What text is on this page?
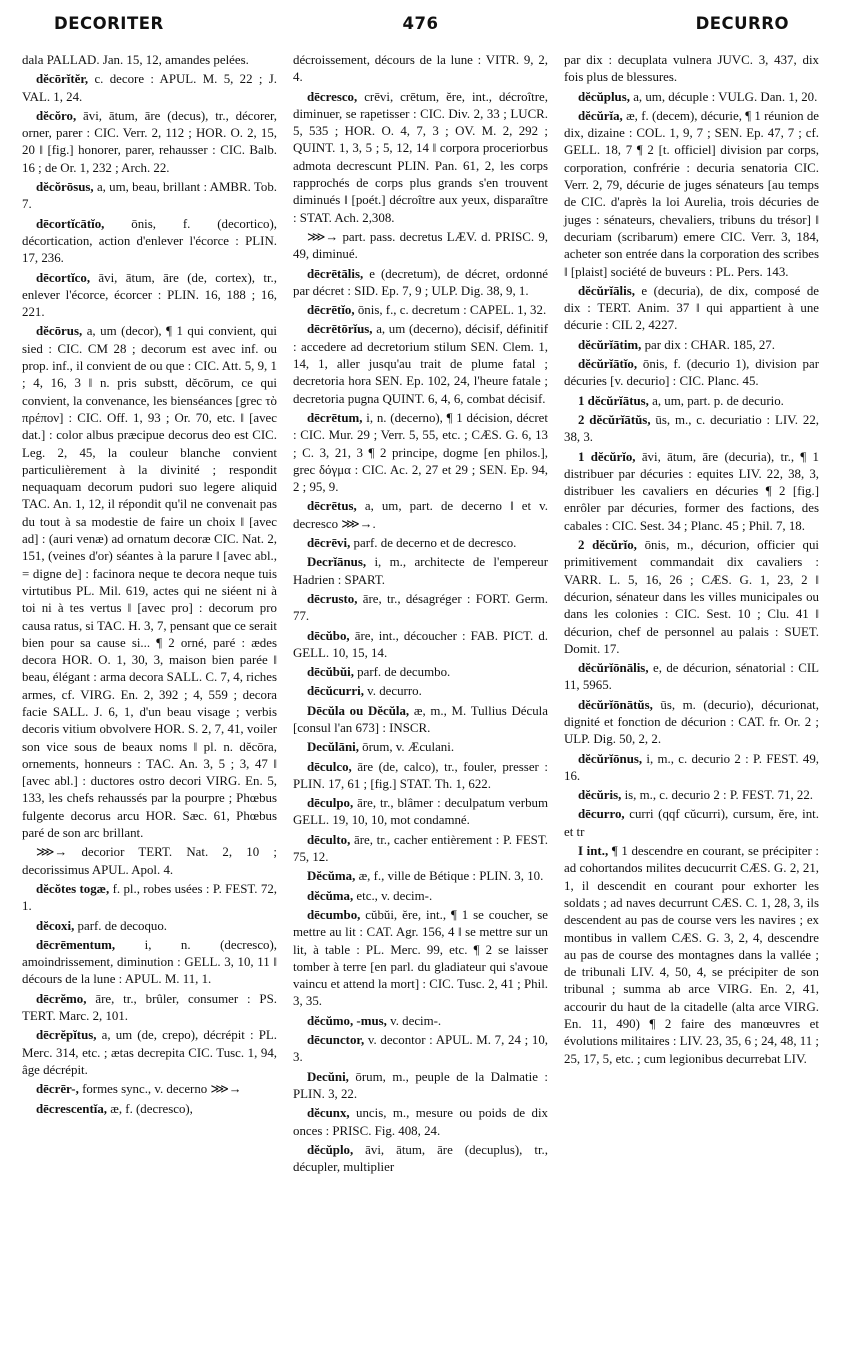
DECORITER	476	DECURRO

dala PALLAD. Jan. 15, 12, amandes pelées.

dĕcōrĭtĕr, c. decore : APUL. M. 5, 22 ; J. VAL. 1, 24.

dĕcŏro, āvi, ātum, āre (decus), tr., décorer, orner, parer : CIC. Verr. 2, 112 ; HOR. O. 2, 15, 20 ‖ [fig.] honorer, parer, rehausser : CIC. Balb. 16 ; de Or. 1, 232 ; Arch. 22.

dĕcŏrōsus, a, um, beau, brillant : AMBR. Tob. 7.

dēcortĭcātĭo, ōnis, f. (decortico), décortication, action d'enlever l'écorce : PLIN. 17, 236.

dēcortĭco, āvi, ātum, āre (de, cortex), tr., enlever l'écorce, écorcer : PLIN. 16, 188 ; 16, 221.

dĕcōrus, a, um (decor), ¶ 1 qui convient, qui sied : CIC. CM 28 ; decorum est avec inf. ou prop. inf., il convient de ou que : CIC. Att. 5, 9, 1 ; 4, 16, 3 ‖ n. pris substt, dĕcōrum, ce qui convient, la convenance, les bienséances [grec τὸ πρέπον] : CIC. Off. 1, 93 ; Or. 70, etc. ‖ [avec dat.] : color albus præcipue decorus deo est CIC. Leg. 2, 45, la couleur blanche convient particulièrement à la divinité ; respondit nequaquam decorum pudori suo legere aliquid TAC. An. 1, 12, il répondit qu'il ne convenait pas du tout à sa modestie de faire un choix ‖ [avec ad] : (auri venæ) ad ornatum decoræ CIC. Nat. 2, 151, (veines d'or) séantes à la parure ‖ [avec abl., = digne de] : facinora neque te decora neque tuis virtutibus PL. Mil. 619, actes qui ne siéent ni à toi ni à tes vertus ‖ [avec pro] : decorum pro causa ratus, si TAC. H. 3, 7, pensant que ce serait bien pour sa cause si... ¶ 2 orné, paré : ædes decora HOR. O. 1, 30, 3, maison bien parée ‖ beau, élégant : arma decora SALL. C. 7, 4, riches armes, cf. VIRG. En. 2, 392 ; 4, 559 ; decora facie SALL. J. 6, 1, d'un beau visage ; verbis decoris vitium obvolvere HOR. S. 2, 7, 41, voiler son vice sous de beaux noms ‖ pl. n. dĕcōra, ornements, honneurs : TAC. An. 3, 5 ; 3, 47 ‖ [avec abl.] : ductores ostro decori VIRG. En. 5, 133, les chefs rehaussés par la pourpre ; Phœbus fulgente decorus arcu HOR. Sæc. 61, Phœbus paré de son arc brillant.

⋙→ decorior TERT. Nat. 2, 10 ; decorissimus APUL. Apol. 4.

dĕcŏtes togæ, f. pl., robes usées : P. FEST. 72, 1.

dĕcoxi, parf. de decoquo.

dēcrēmentum, i, n. (decresco), amoindrissement, diminution : GELL. 3, 10, 11 ‖ décours de la lune : APUL. M. 11, 1.

dēcrĕmo, āre, tr., brûler, consumer : PS. TERT. Marc. 2, 101.

dēcrĕpĭtus, a, um (de, crepo), décrépit : PL. Merc. 314, etc. ; ætas decrepita CIC. Tusc. 1, 94, âge décrépit.

dēcrēr-, formes sync., v. decerno ⋙→

dēcrescentĭa, æ, f. (decresco),

décroissement, décours de la lune : VITR. 9, 2, 4.

dēcresco, crēvi, crētum, ĕre, int., décroître, diminuer, se rapetisser : CIC. Div. 2, 33 ; LUCR. 5, 535 ; HOR. O. 4, 7, 3 ; OV. M. 2, 292 ; QUINT. 1, 3, 5 ; 5, 12, 14 ‖ corpora proceriorbus admota decrescunt PLIN. Pan. 61, 2, les corps rapprochés de corps plus grands s'en trouvent diminués ‖ [poét.] décroître aux yeux, disparaître : STAT. Ach. 2,308.

⋙→ part. pass. decretus LÆV. d. PRISC. 9, 49, diminué.

dēcrētālis, e (decretum), de décret, ordonné par décret : SID. Ep. 7, 9 ; ULP. Dig. 38, 9, 1.

dēcrētĭo, ōnis, f., c. decretum : CAPEL. 1, 32.

dēcrētōrĭus, a, um (decerno), décisif, définitif : accedere ad decretorium stilum SEN. Clem. 1, 14, 1, aller jusqu'au trait de plume fatal ; decretoria hora SEN. Ep. 102, 24, l'heure fatale ; decretoria pugna QUINT. 6, 4, 6, combat décisif.

dēcrētum, i, n. (decerno), ¶ 1 décision, décret : CIC. Mur. 29 ; Verr. 5, 55, etc. ; CÆS. G. 6, 13 ; C. 3, 21, 3 ¶ 2 principe, dogme [en philos.], grec δόγμα : CIC. Ac. 2, 27 et 29 ; SEN. Ep. 94, 2 ; 95, 9.

dēcrētus, a, um, part. de decerno ‖ et v. decresco ⋙→.

dēcrēvi, parf. de decerno et de decresco.

Decrĭānus, i, m., architecte de l'empereur Hadrien : SPART.

dēcrusto, āre, tr., désagréger : FORT. Germ. 77.

dēcŭbo, āre, int., découcher : FAB. PICT. d. GELL. 10, 15, 14.

dēcŭbŭi, parf. de decumbo.

dēcŭcurri, v. decurro.

Dēcŭla ou Dĕcŭla, æ, m., M. Tullius Décula [consul l'an 673] : INSCR.

Decŭlāni, ōrum, v. Æculani.

dēculco, āre (de, calco), tr., fouler, presser : PLIN. 17, 61 ; [fig.] STAT. Th. 1, 622.

dēculpo, āre, tr., blâmer : deculpatum verbum GELL. 19, 10, 10, mot condamné.

dēculto, āre, tr., cacher entièrement : P. FEST. 75, 12.

Dĕcŭma, æ, f., ville de Bétique : PLIN. 3, 10.

dĕcŭma, etc., v. decim-.

dēcumbo, cŭbŭi, ĕre, int., ¶ 1 se coucher, se mettre au lit : CAT. Agr. 156, 4 ‖ se mettre sur un lit, à table : PL. Merc. 99, etc. ¶ 2 se laisser tomber à terre [en parl. du gladiateur qui s'avoue vaincu et attend la mort] : CIC. Tusc. 2, 41 ; Phil. 3, 35.

dĕcŭmo, -mus, v. decim-.

dēcunctor, v. decontor : APUL. M. 7, 24 ; 10, 3.

Decŭni, ōrum, m., peuple de la Dalmatie : PLIN. 3, 22.

dĕcunx, uncis, m., mesure ou poids de dix onces : PRISC. Fig. 408, 24.

dĕcŭplo, āvi, ātum, āre (decuplus), tr., décupler, multiplier

par dix : decuplata vulnera JUVC. 3, 437, dix fois plus de blessures.

dĕcŭplus, a, um, décuple : VULG. Dan. 1, 20.

dĕcŭrĭa, æ, f. (decem), décurie, ¶ 1 réunion de dix, dizaine : COL. 1, 9, 7 ; SEN. Ep. 47, 7 ; cf. GELL. 18, 7 ¶ 2 [t. officiel] division par corps, corporation, confrérie : decuria senatoria CIC. Verr. 2, 79, décurie de juges sénateurs [au temps de CIC. d'après la loi Aurelia, trois décuries de juges : sénateurs, chevaliers, tribuns du trésor] ‖ decuriam (scribarum) emere CIC. Verr. 3, 184, acheter son entrée dans la corporation des scribes ‖ [plaist] société de buveurs : PL. Pers. 143.

dĕcŭrĭālis, e (decuria), de dix, composé de dix : TERT. Anim. 37 ‖ qui appartient à une décurie : CIL 2, 4227.

dĕcŭrĭātim, par dix : CHAR. 185, 27.

dĕcŭrĭātĭo, ōnis, f. (decurio 1), division par décuries [v. decurio] : CIC. Planc. 45.

1 dĕcŭrĭātus, a, um, part. p. de decurio.

2 dĕcŭrĭātŭs, ūs, m., c. decuriatio : LIV. 22, 38, 3.

1 dĕcŭrĭo, āvi, ātum, āre (decuria), tr., ¶ 1 distribuer par décuries : equites LIV. 22, 38, 3, distribuer les cavaliers en décuries ¶ 2 [fig.] enrôler par décuries, former des factions, des cabales : CIC. Sest. 34 ; Planc. 45 ; Phil. 7, 18.

2 dĕcŭrĭo, ōnis, m., décurion, officier qui primitivement commandait dix cavaliers : VARR. L. 5, 16, 26 ; CÆS. G. 1, 23, 2 ‖ décurion, sénateur dans les villes municipales ou dans les colonies : CIC. Sest. 10 ; Clu. 41 ‖ décurion, chef de personnel au palais : SUET. Domit. 17.

dĕcŭrĭōnālis, e, de décurion, sénatorial : CIL 11, 5965.

dĕcŭrĭōnātŭs, ūs, m. (decurio), décurionat, dignité et fonction de décurion : CAT. fr. Or. 2 ; ULP. Dig. 50, 2, 2.

dĕcŭrĭōnus, i, m., c. decurio 2 : P. FEST. 49, 16.

dĕcŭris, is, m., c. decurio 2 : P. FEST. 71, 22.

dēcurro, curri (qqf cŭcurri), cursum, ĕre, int. et tr

I int., ¶ 1 descendre en courant, se précipiter : ad cohortandos milites decucurrit CÆS. G. 2, 21, 1, il descendit en courant pour exhorter les soldats ; ad naves decurrunt CÆS. C. 1, 28, 3, ils descendent au pas de course vers les navires ; ex montibus in vallem CÆS. G. 3, 2, 4, descendre au pas de course des montagnes dans la vallée ; de tribunali LIV. 4, 50, 4, se précipiter de son tribunal ; summa ab arce VIRG. En. 2, 41, accourir du haut de la citadelle (alta arce VIRG. En. 11, 490) ¶ 2 faire des manœuvres et évolutions militaires : LIV. 23, 35, 6 ; 24, 48, 11 ; 25, 17, 5, etc. ; cum legionibus decurrebat LIV.
